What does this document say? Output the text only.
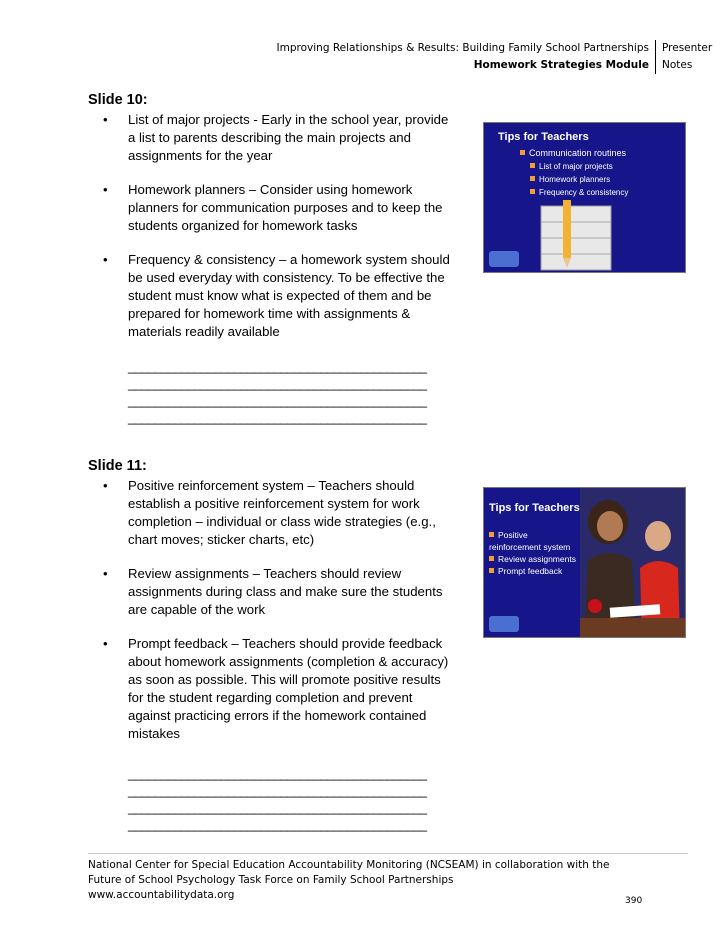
Improving Relationships & Results: Building Family School Partnerships
Homework Strategies Module
Presenter
Notes
Slide 10:
• List of major projects - Early in the school year, provide a list to parents describing the main projects and assignments for the year
• Homework planners – Consider using homework planners for communication purposes and to keep the students organized for homework tasks
• Frequency & consistency – a homework system should be used everyday with consistency. To be effective the student must know what is expected of them and be prepared for homework time with assignments & materials readily available
_____________________________________________
_____________________________________________
_____________________________________________
_____________________________________________
Tips for Teachers
Communication routines
List of major projects
Homework planners
Frequency & consistency
Slide 11:
• Positive reinforcement system – Teachers should establish a positive reinforcement system for work completion – individual or class wide strategies (e.g., chart moves; sticker charts, etc)
• Review assignments – Teachers should review assignments during class and make sure the students are capable of the work
• Prompt feedback – Teachers should provide feedback about homework assignments (completion & accuracy) as soon as possible. This will promote positive results for the student regarding completion and prevent against practicing errors if the homework contained mistakes
_____________________________________________
_____________________________________________
_____________________________________________
_____________________________________________
Tips for Teachers
Positive reinforcement system
Review assignments
Prompt feedback
National Center for Special Education Accountability Monitoring (NCSEAM) in collaboration with the
Future of School Psychology Task Force on Family School Partnerships
www.accountabilitydata.org	390
